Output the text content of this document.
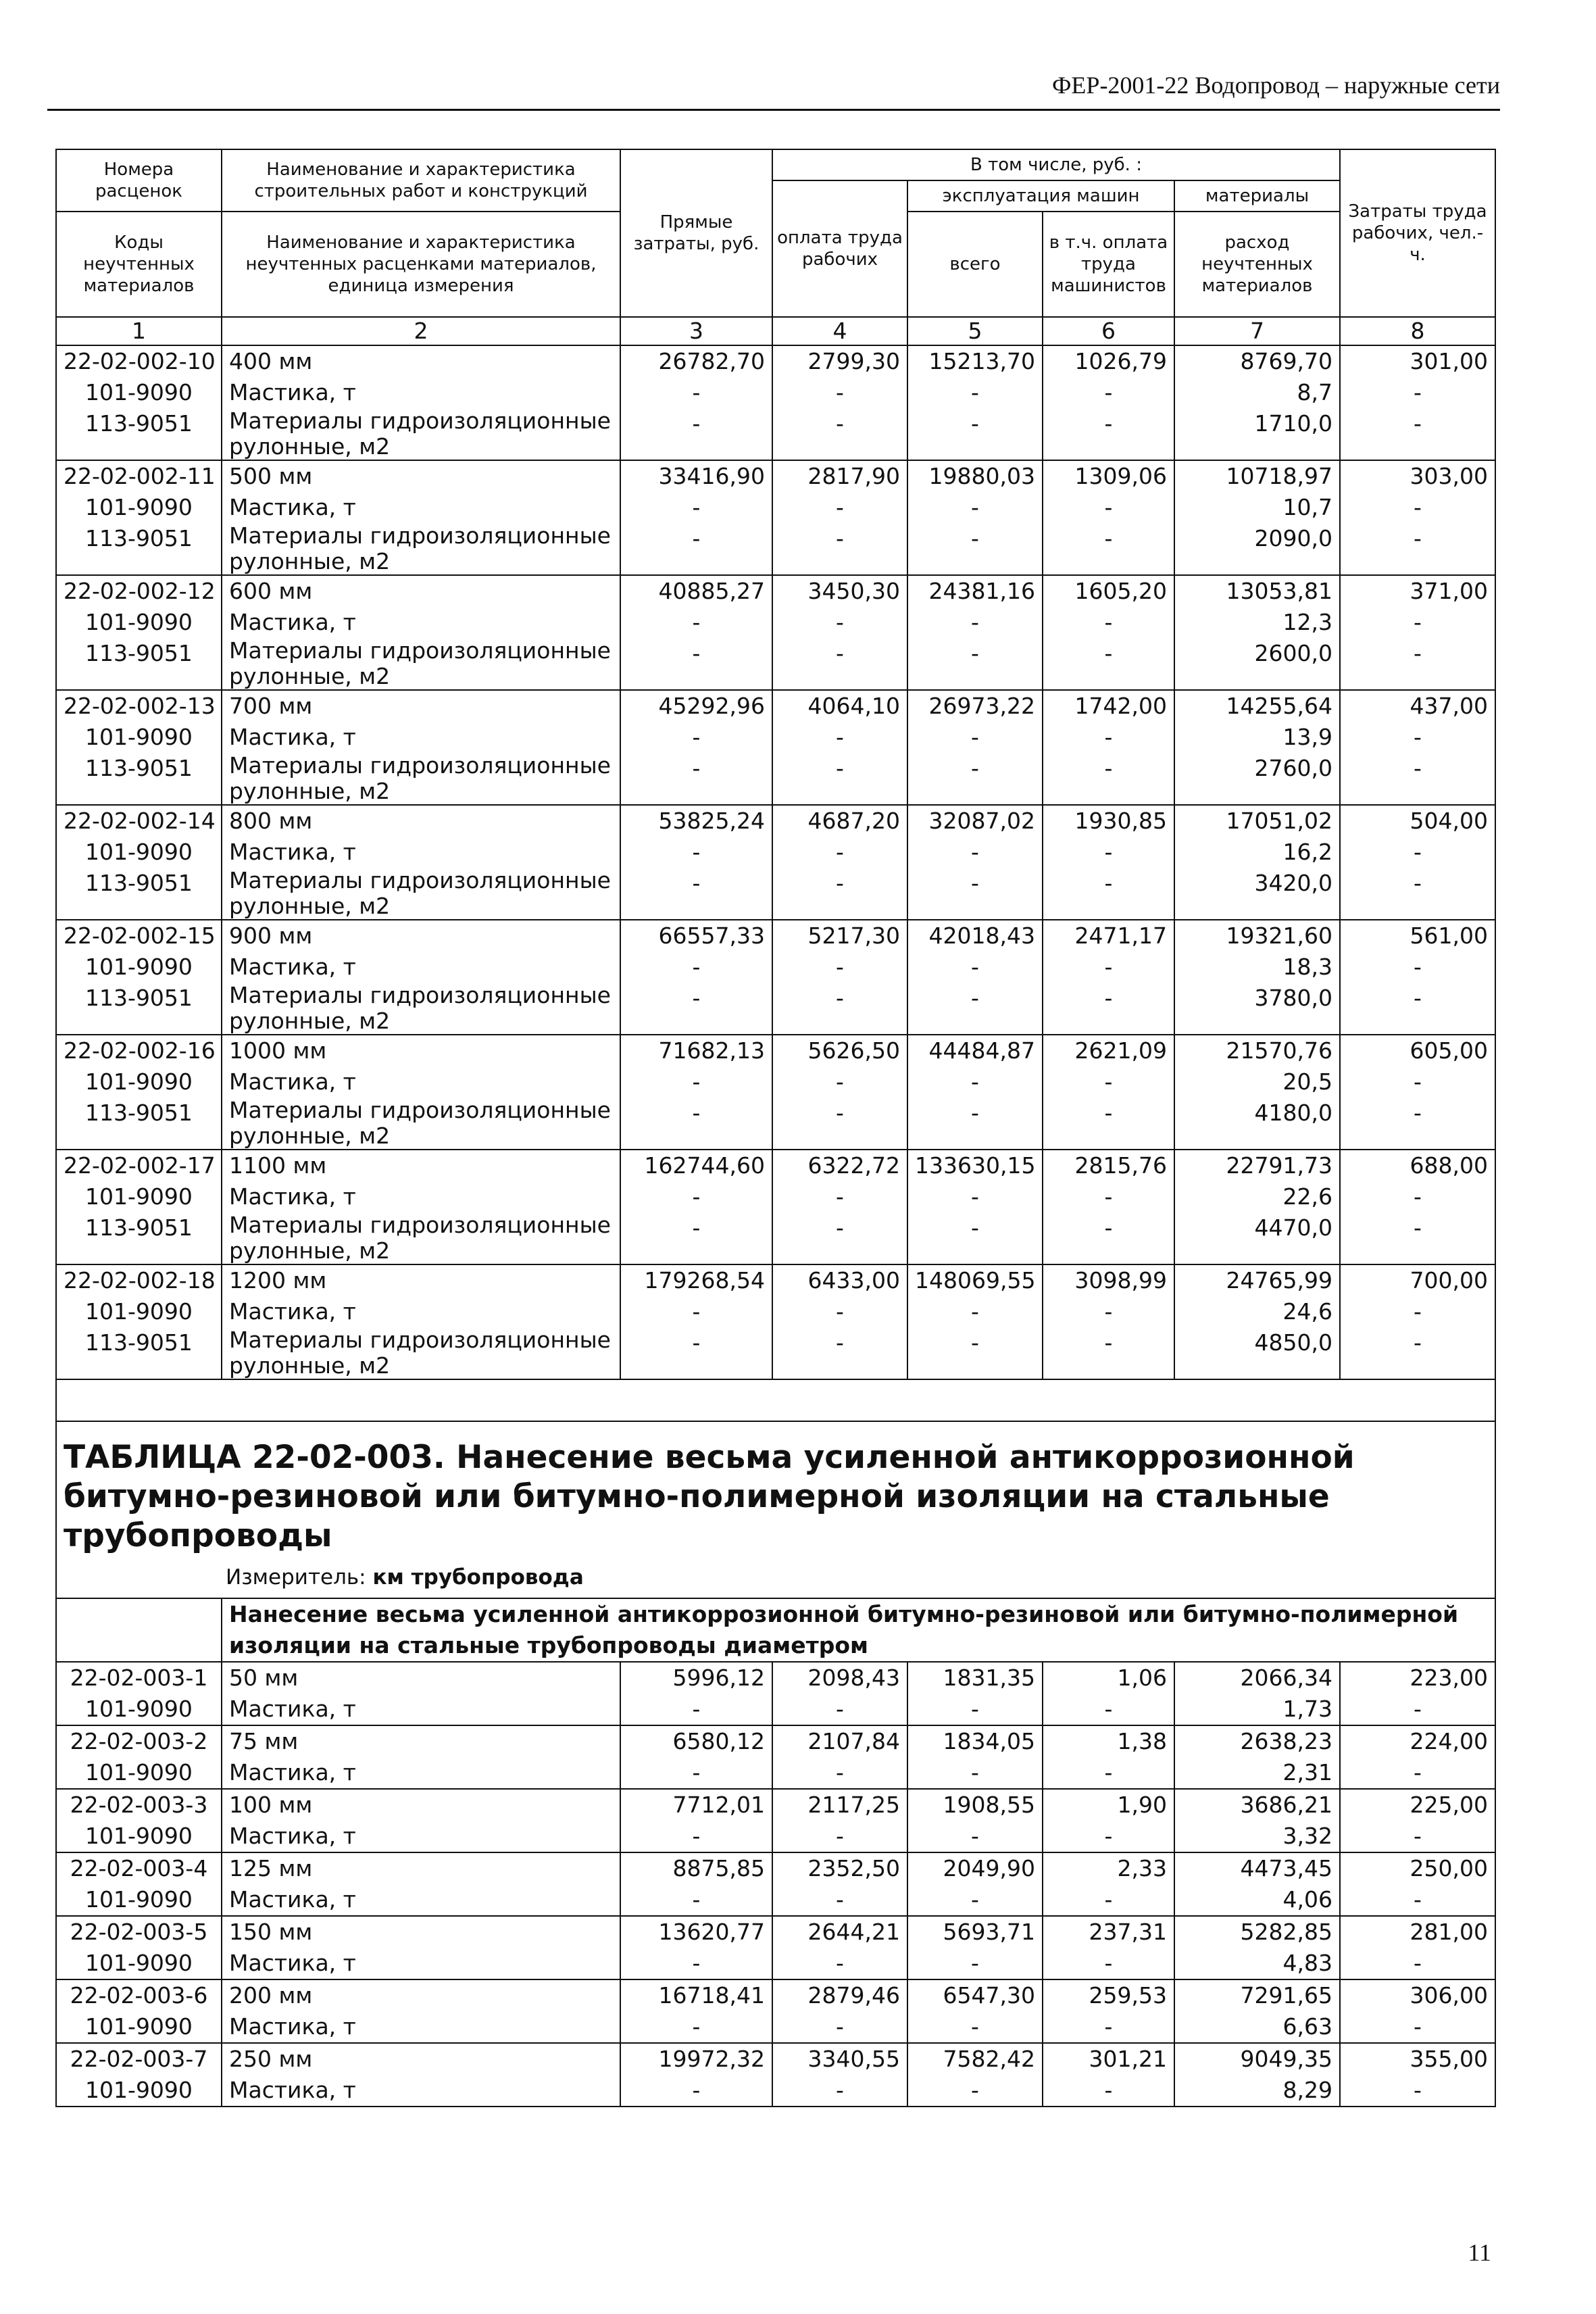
ФЕР-2001-22 Водопровод – наружные сети
Номера расценок	Наименование и характеристика строительных работ и конструкций	Прямые затраты, руб.	В том числе, руб. :				Затраты труда рабочих, чел.-ч.
			оплата труда рабочих	эксплуатация машин		материалы	
Коды неучтенных материалов	Наименование и характеристика неучтенных расценками материалов, единица измерения			всего	в т.ч. оплата труда машинистов	расход неучтенных материалов	

1	2	3	4	5	6	7	8
22-02-002-10	400 мм	26782,70	2799,30	15213,70	1026,79	8769,70	301,00
101-9090	Мастика, т	-	-	-	-	8,7	-
113-9051	Материалы гидроизоляционные рулонные, м2	-	-	-	-	1710,0	-
22-02-002-11	500 мм	33416,90	2817,90	19880,03	1309,06	10718,97	303,00
101-9090	Мастика, т	-	-	-	-	10,7	-
113-9051	Материалы гидроизоляционные рулонные, м2	-	-	-	-	2090,0	-
22-02-002-12	600 мм	40885,27	3450,30	24381,16	1605,20	13053,81	371,00
101-9090	Мастика, т	-	-	-	-	12,3	-
113-9051	Материалы гидроизоляционные рулонные, м2	-	-	-	-	2600,0	-
22-02-002-13	700 мм	45292,96	4064,10	26973,22	1742,00	14255,64	437,00
101-9090	Мастика, т	-	-	-	-	13,9	-
113-9051	Материалы гидроизоляционные рулонные, м2	-	-	-	-	2760,0	-
22-02-002-14	800 мм	53825,24	4687,20	32087,02	1930,85	17051,02	504,00
101-9090	Мастика, т	-	-	-	-	16,2	-
113-9051	Материалы гидроизоляционные рулонные, м2	-	-	-	-	3420,0	-
22-02-002-15	900 мм	66557,33	5217,30	42018,43	2471,17	19321,60	561,00
101-9090	Мастика, т	-	-	-	-	18,3	-
113-9051	Материалы гидроизоляционные рулонные, м2	-	-	-	-	3780,0	-
22-02-002-16	1000 мм	71682,13	5626,50	44484,87	2621,09	21570,76	605,00
101-9090	Мастика, т	-	-	-	-	20,5	-
113-9051	Материалы гидроизоляционные рулонные, м2	-	-	-	-	4180,0	-
22-02-002-17	1100 мм	162744,60	6322,72	133630,15	2815,76	22791,73	688,00
101-9090	Мастика, т	-	-	-	-	22,6	-
113-9051	Материалы гидроизоляционные рулонные, м2	-	-	-	-	4470,0	-
22-02-002-18	1200 мм	179268,54	6433,00	148069,55	3098,99	24765,99	700,00
101-9090	Мастика, т	-	-	-	-	24,6	-
113-9051	Материалы гидроизоляционные рулонные, м2	-	-	-	-	4850,0	-

ТАБЛИЦА 22-02-003. Нанесение весьма усиленной антикоррозионной битумно-резиновой или битумно-полимерной изоляции на стальные трубопроводы
Измеритель: км трубопровода							

	Нанесение весьма усиленной антикоррозионной битумно-резиновой или битумно-полимерной изоляции на стальные трубопроводы диаметром						
22-02-003-1	50 мм	5996,12	2098,43	1831,35	1,06	2066,34	223,00
101-9090	Мастика, т	-	-	-	-	1,73	-
22-02-003-2	75 мм	6580,12	2107,84	1834,05	1,38	2638,23	224,00
101-9090	Мастика, т	-	-	-	-	2,31	-
22-02-003-3	100 мм	7712,01	2117,25	1908,55	1,90	3686,21	225,00
101-9090	Мастика, т	-	-	-	-	3,32	-
22-02-003-4	125 мм	8875,85	2352,50	2049,90	2,33	4473,45	250,00
101-9090	Мастика, т	-	-	-	-	4,06	-
22-02-003-5	150 мм	13620,77	2644,21	5693,71	237,31	5282,85	281,00
101-9090	Мастика, т	-	-	-	-	4,83	-
22-02-003-6	200 мм	16718,41	2879,46	6547,30	259,53	7291,65	306,00
101-9090	Мастика, т	-	-	-	-	6,63	-
22-02-003-7	250 мм	19972,32	3340,55	7582,42	301,21	9049,35	355,00
101-9090	Мастика, т	-	-	-	-	8,29	-
11
